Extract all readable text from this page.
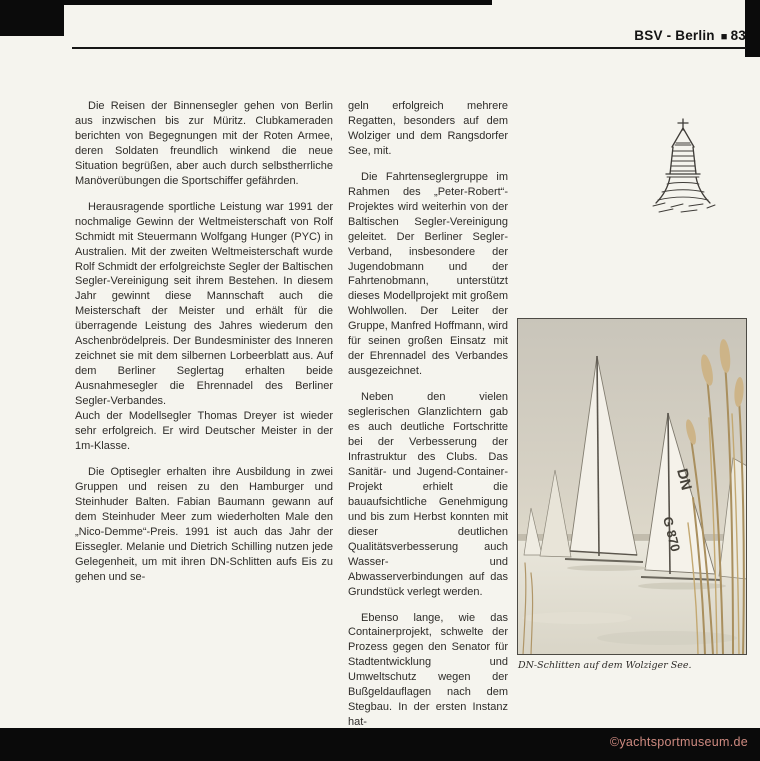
BSV - Berlin ■ 83

Die Reisen der Binnensegler gehen von Berlin aus inzwischen bis zur Müritz. Clubkameraden berichten von Begegnungen mit der Roten Armee, deren Soldaten freundlich winkend die neue Situation begrüßen, aber auch durch selbstherrliche Manöverübungen die Sportschiffer gefährden.

Herausragende sportliche Leistung war 1991 der nochmalige Gewinn der Weltmeisterschaft von Rolf Schmidt mit Steuermann Wolfgang Hunger (PYC) in Australien. Mit der zweiten Weltmeisterschaft wurde Rolf Schmidt der erfolgreichste Segler der Baltischen Segler-Vereinigung seit ihrem Bestehen. In diesem Jahr gewinnt diese Mannschaft auch die Meisterschaft der Meister und erhält für die überragende Leistung des Jahres wiederum den Aschenbrödelpreis. Der Bundesminister des Inneren zeichnet sie mit dem silbernen Lorbeerblatt aus. Auf dem Berliner Seglertag erhalten beide Ausnahmesegler die Ehrennadel des Berliner Segler-Verbandes.

Auch der Modellsegler Thomas Dreyer ist wieder sehr erfolgreich. Er wird Deutscher Meister in der 1m-Klasse.

Die Optisegler erhalten ihre Ausbildung in zwei Gruppen und reisen zu den Hamburger und Steinhuder Balten. Fabian Baumann gewann auf dem Steinhuder Meer zum wiederholten Male den „Nico-Demme“-Preis. 1991 ist auch das Jahr der Eissegler. Melanie und Dietrich Schilling nutzen jede Gelegenheit, um mit ihren DN-Schlitten aufs Eis zu gehen und se-

geln erfolgreich mehrere Regatten, besonders auf dem Wolziger und dem Rangsdorfer See, mit.

Die Fahrtenseglergruppe im Rahmen des „Peter-Robert“-Projektes wird weiterhin von der Baltischen Segler-Vereinigung geleitet. Der Berliner Segler-Verband, insbesondere der Jugendobmann und der Fahrtenobmann, unterstützt dieses Modellprojekt mit großem Wohlwollen. Der Leiter der Gruppe, Manfred Hoffmann, wird für seinen großen Einsatz mit der Ehrennadel des Verbandes ausgezeichnet.

Neben den vielen seglerischen Glanzlichtern gab es auch deutliche Fortschritte bei der Verbesserung der Infrastruktur des Clubs. Das Sanitär- und Jugend-Container-Projekt erhielt die bauaufsichtliche Genehmigung und bis zum Herbst konnten mit dieser deutlichen Qualitätsverbesserung auch Wasser- und Abwasserverbindungen auf das Grundstück verlegt werden.

Ebenso lange, wie das Containerprojekt, schwelte der Prozess gegen den Senator für Stadtentwicklung und Umweltschutz wegen der Bußgeldauflagen nach dem Stegbau. In der ersten Instanz hat-

DN
G 870
DN-Schlitten auf dem Wolziger See.
©yachtsportmuseum.de
